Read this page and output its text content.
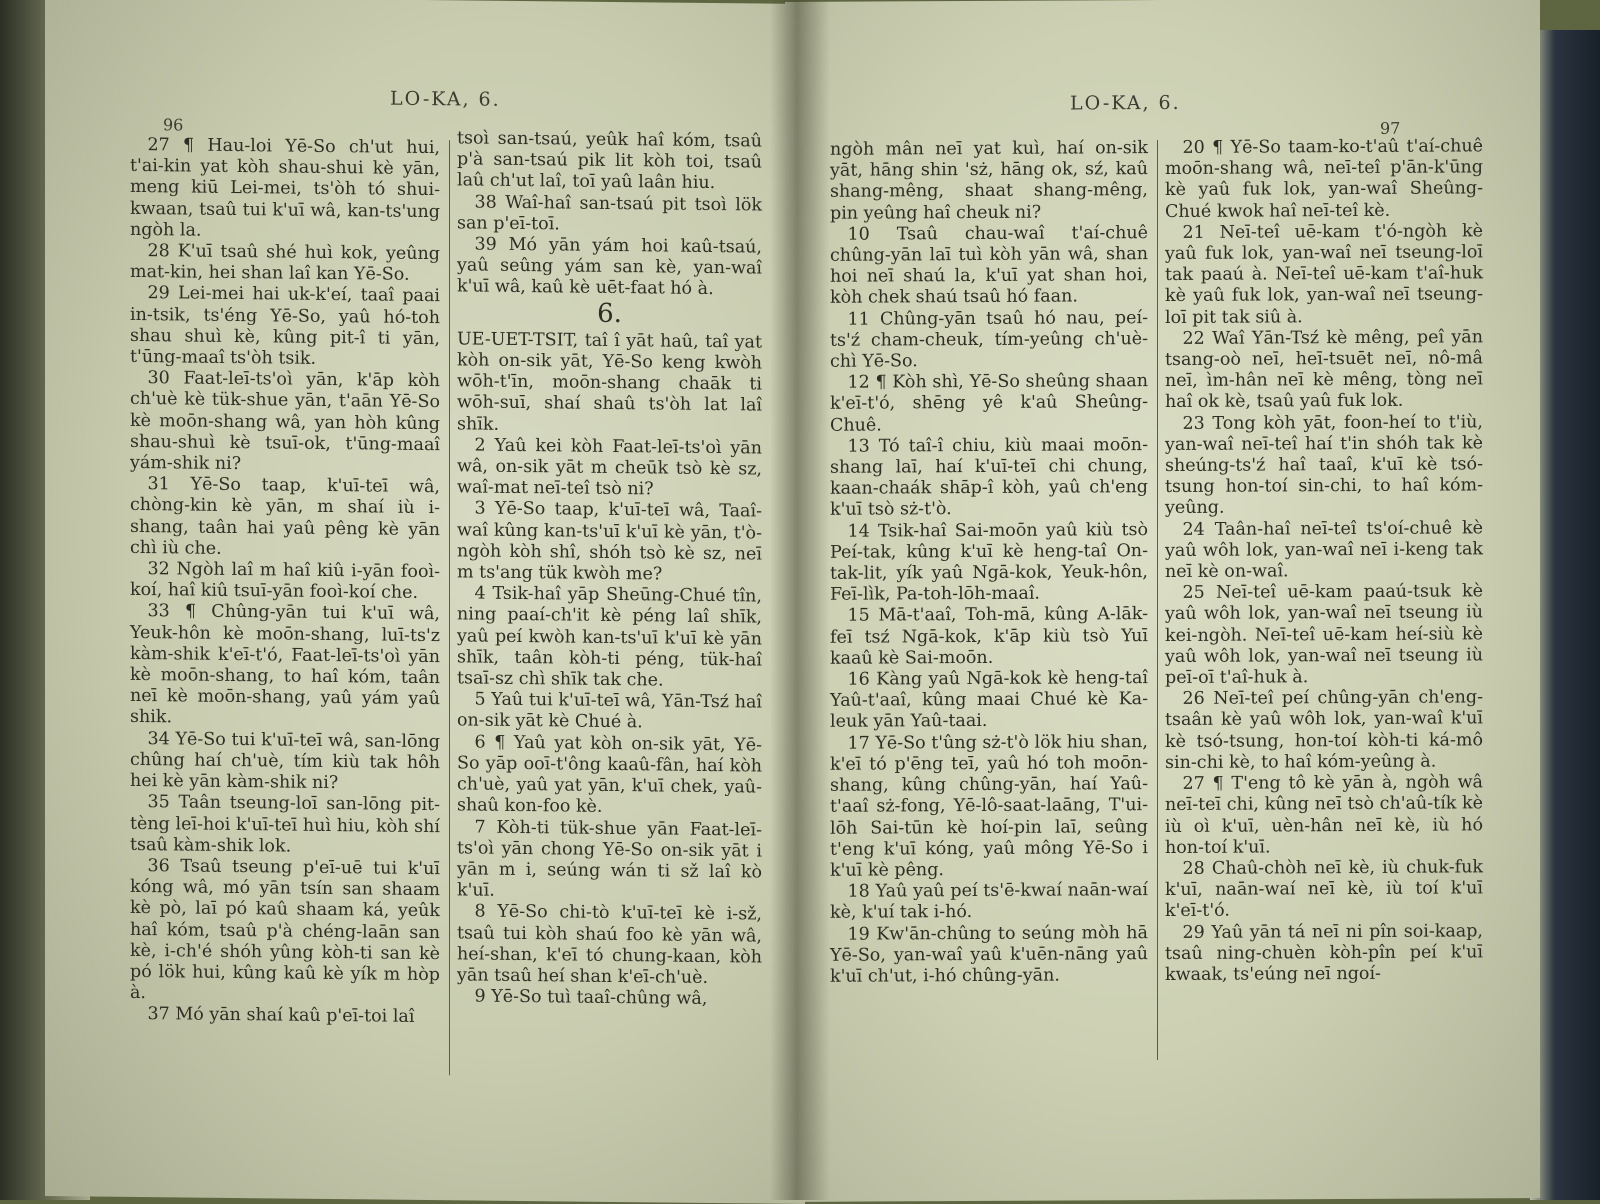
LO-KA, 6.
96
27 ¶ Hau-loi Yē-So ch'ut hui, t'ai-kin yat kòh shau-shui kè yān, meng kiū Lei-mei, ts'òh tó shui-kwaan, tsaû tui k'uī wâ, kan-ts'ung ngòh la.
28 K'uī tsaû shé huì kok, yeûng mat-kin, hei shan laî kan Yē-So.
29 Lei-mei hai uk-k'eí, taaî paai in-tsik, ts'éng Yē-So, yaû hó-toh shau shuì kè, kûng pit-î ti yān, t'ūng-maaî ts'òh tsik.
30 Faat-leī-ts'oì yān, k'āp kòh ch'uè kè tük-shue yān, t'aān Yē-So kè moōn-shang wâ, yan hòh kûng shau-shuì kè tsuī-ok, t'ūng-maaî yám-shik ni?
31 Yē-So taap, k'uī-teī wâ, chòng-kin kè yān, m shaí iù i-shang, taân hai yaû pêng kè yān chì iù che.
32 Ngòh laî m haî kiû i-yān fooì-koí, haî kiû tsuī-yān fooì-koí che.
33 ¶ Chûng-yān tui k'uī wâ, Yeuk-hôn kè moōn-shang, luī-ts'z kàm-shik k'eī-t'ó, Faat-leī-ts'oì yān kè moōn-shang, to haî kóm, taân neī kè moōn-shang, yaû yám yaû shik.
34 Yē-So tui k'uī-teī wâ, san-lōng chûng haí ch'uè, tím kiù tak hôh hei kè yān kàm-shik ni?
35 Taân tseung-loī san-lōng pit-tèng leī-hoi k'uī-teī huì hiu, kòh shí tsaû kàm-shik lok.
36 Tsaû tseung p'eī-uē tui k'uī kóng wâ, mó yān tsín san shaam kè pò, laī pó kaû shaam ká, yeûk haî kóm, tsaû p'à chéng-laān san kè, i-ch'é shóh yûng kòh-ti san kè pó lök hui, kûng kaû kè yík m hòp à.
37 Mó yān shaí kaû p'eī-toi laî
tsoì san-tsaú, yeûk haî kóm, tsaû p'à san-tsaú pik lit kòh toi, tsaû laû ch'ut laî, toī yaû laân hiu.
38 Waî-haî san-tsaú pit tsoì lök san p'eī-toī.
39 Mó yān yám hoi kaû-tsaú, yaû seûng yám san kè, yan-waî k'uī wâ, kaû kè uēt-faat hó à.
6.
UE-UET-TSIT, taî î yāt haû, taî yat kòh on-sik yāt, Yē-So keng kwòh wōh-t'īn, moōn-shang chaāk ti wōh-suī, shaí shaû ts'òh lat laî shīk.
2 Yaû kei kòh Faat-leī-ts'oì yān wâ, on-sik yāt m cheūk tsò kè sz, waî-mat neī-teî tsò ni?
3 Yē-So taap, k'uī-teī wâ, Taaî-waî kûng kan-ts'uī k'uī kè yān, t'ò-ngòh kòh shî, shóh tsò kè sz, neī m ts'ang tük kwòh me?
4 Tsik-haî yāp Sheūng-Chué tîn, ning paaí-ch'it kè péng laî shīk, yaû peí kwòh kan-ts'uī k'uī kè yān shīk, taân kòh-ti péng, tük-haî tsaī-sz chì shīk tak che.
5 Yaû tui k'uī-teī wâ, Yān-Tsź haî on-sik yāt kè Chué à.
6 ¶ Yaû yat kòh on-sik yāt, Yē-So yāp ooī-t'ông kaaû-fân, haí kòh ch'uè, yaû yat yān, k'uī chek, yaû-shaû kon-foo kè.
7 Kòh-ti tük-shue yān Faat-leī-ts'oì yān chong Yē-So on-sik yāt i yān m i, seúng wán ti sž laî kò k'uī.
8 Yē-So chi-tò k'uī-teī kè i-sž, tsaû tui kòh shaú foo kè yān wâ, heí-shan, k'eī tó chung-kaan, kòh yān tsaû heí shan k'eī-ch'uè.
9 Yē-So tuì taaî-chûng wâ,
LO-KA, 6.
97
ngòh mân neī yat kuì, haí on-sik yāt, hāng shin 'sż, hāng ok, sź, kaû shang-mêng, shaat shang-mêng, pin yeûng haî cheuk ni?
10 Tsaû chau-waî t'aí-chuê chûng-yān laī tuì kòh yān wâ, shan hoi neī shaú la, k'uī yat shan hoi, kòh chek shaú tsaû hó faan.
11 Chûng-yān tsaû hó nau, peí-ts'ź cham-cheuk, tím-yeûng ch'uè-chì Yē-So.
12 ¶ Kòh shì, Yē-So sheûng shaan k'eī-t'ó, shēng yê k'aû Sheûng-Chuê.
13 Tó taî-î chiu, kiù maai moōn-shang laī, haí k'uī-teī chi chung, kaan-chaák shāp-î kòh, yaû ch'eng k'uī tsò sż-t'ò.
14 Tsik-haî Sai-moōn yaû kiù tsò Peí-tak, kûng k'uī kè heng-taî On-tak-lit, yík yaû Ngā-kok, Yeuk-hôn, Feī-lìk, Pa-toh-lōh-maaî.
15 Mā-t'aaî, Toh-mā, kûng A-lāk-feī tsź Ngā-kok, k'āp kiù tsò Yuī kaaû kè Sai-moōn.
16 Kàng yaû Ngā-kok kè heng-taî Yaû-t'aaî, kûng maai Chué kè Ka-leuk yān Yaû-taai.
17 Yē-So t'ûng sż-t'ò lök hiu shan, k'eī tó p'ēng teī, yaû hó toh moōn-shang, kûng chûng-yān, haí Yaû-t'aaî sż-fong, Yē-lô-saat-laāng, T'ui-lōh Sai-tūn kè hoí-pin laī, seûng t'eng k'uī kóng, yaû mông Yē-So i k'uī kè pêng.
18 Yaû yaû peí ts'ē-kwaí naān-waí kè, k'uí tak i-hó.
19 Kw'ān-chûng to seúng mòh hā Yē-So, yan-waî yaû k'uēn-nāng yaû k'uī ch'ut, i-hó chûng-yān.
20 ¶ Yē-So taam-ko-t'aû t'aí-chuê moōn-shang wâ, neī-teî p'ān-k'ūng kè yaû fuk lok, yan-waî Sheûng-Chué kwok haî neī-teî kè.
21 Neī-teî uē-kam t'ó-ngòh kè yaû fuk lok, yan-waî neī tseung-loī tak paaú à. Neī-teî uē-kam t'aî-huk kè yaû fuk lok, yan-waî neī tseung-loī pit tak siû à.
22 Waî Yān-Tsź kè mêng, peî yān tsang-oò neī, heī-tsuēt neī, nô-mâ neī, ìm-hân neī kè mêng, tòng neī haî ok kè, tsaû yaû fuk lok.
23 Tong kòh yāt, foon-heí to t'iù, yan-waî neī-teî haí t'in shóh tak kè sheúng-ts'ź haî taaî, k'uī kè tsó-tsung hon-toí sin-chi, to haî kóm-yeûng.
24 Taân-haî neī-teî ts'oí-chuê kè yaû wôh lok, yan-waî neī i-keng tak neī kè on-waî.
25 Neī-teî uē-kam paaú-tsuk kè yaû wôh lok, yan-waî neī tseung iù kei-ngòh. Neī-teî uē-kam heí-siù kè yaû wôh lok, yan-waî neī tseung iù peī-oī t'aî-huk à.
26 Neī-teî peí chûng-yān ch'eng-tsaân kè yaû wôh lok, yan-waî k'uī kè tsó-tsung, hon-toí kòh-ti ká-mô sin-chi kè, to haî kóm-yeûng à.
27 ¶ T'eng tô kè yān à, ngòh wâ neī-teī chi, kûng neī tsò ch'aû-tík kè iù oì k'uī, uèn-hân neī kè, iù hó hon-toí k'uī.
28 Chaû-chòh neī kè, iù chuk-fuk k'uī, naān-waí neī kè, iù toí k'uī k'eī-t'ó.
29 Yaû yān tá neī ni pîn soi-kaap, tsaû ning-chuèn kòh-pîn peí k'uī kwaak, ts'eúng neī ngoí-
